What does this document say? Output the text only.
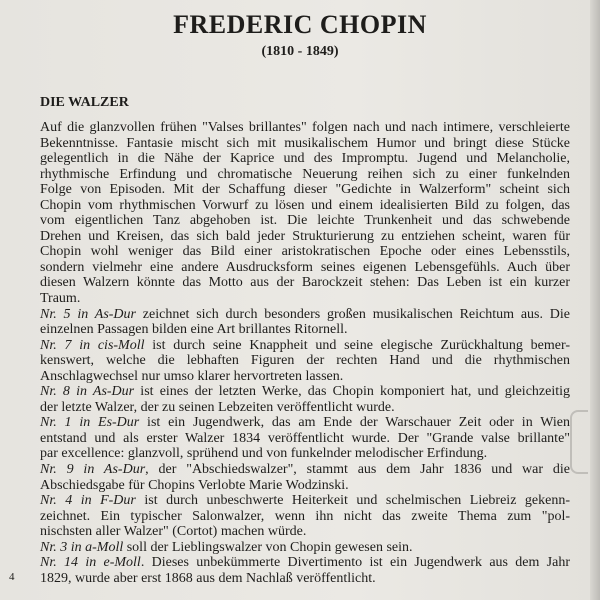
FREDERIC CHOPIN
(1810 - 1849)
DIE WALZER
Auf die glanzvollen frühen "Valses brillantes" folgen nach und nach intimere, verschleierte
Bekenntnisse. Fantasie mischt sich mit musikalischem Humor und bringt diese Stücke
gelegentlich in die Nähe der Kaprice und des Impromptu. Jugend und Melancholie,
rhythmische Erfindung und chromatische Neuerung reihen sich zu einer funkelnden
Folge von Episoden. Mit der Schaffung dieser "Gedichte in Walzerform" scheint sich
Chopin vom rhythmischen Vorwurf zu lösen und einem idealisierten Bild zu folgen, das
vom eigentlichen Tanz abgehoben ist. Die leichte Trunkenheit und das schwebende
Drehen und Kreisen, das sich bald jeder Strukturierung zu entziehen scheint, waren für
Chopin wohl weniger das Bild einer aristokratischen Epoche oder eines Lebensstils,
sondern vielmehr eine andere Ausdrucksform seines eigenen Lebensgefühls. Auch über
diesen Walzern könnte das Motto aus der Barockzeit stehen: Das Leben ist ein kurzer
Traum.
Nr. 5 in As-Dur zeichnet sich durch besonders großen musikalischen Reichtum aus. Die
einzelnen Passagen bilden eine Art brillantes Ritornell.
Nr. 7 in cis-Moll ist durch seine Knappheit und seine elegische Zurückhaltung bemer-
kenswert, welche die lebhaften Figuren der rechten Hand und die rhythmischen
Anschlagwechsel nur umso klarer hervortreten lassen.
Nr. 8 in As-Dur ist eines der letzten Werke, das Chopin komponiert hat, und gleichzeitig
der letzte Walzer, der zu seinen Lebzeiten veröffentlicht wurde.
Nr. 1 in Es-Dur ist ein Jugendwerk, das am Ende der Warschauer Zeit oder in Wien
entstand und als erster Walzer 1834 veröffentlicht wurde. Der "Grande valse brillante"
par excellence: glanzvoll, sprühend und von funkelnder melodischer Erfindung.
Nr. 9 in As-Dur, der "Abschiedswalzer", stammt aus dem Jahr 1836 und war die
Abschiedsgabe für Chopins Verlobte Marie Wodzinski.
Nr. 4 in F-Dur ist durch unbeschwerte Heiterkeit und schelmischen Liebreiz gekenn-
zeichnet. Ein typischer Salonwalzer, wenn ihn nicht das zweite Thema zum "pol-
nischsten aller Walzer" (Cortot) machen würde.
Nr. 3 in a-Moll soll der Lieblingswalzer von Chopin gewesen sein.
Nr. 14 in e-Moll. Dieses unbekümmerte Divertimento ist ein Jugendwerk aus dem Jahr
1829, wurde aber erst 1868 aus dem Nachlaß veröffentlicht.
4
